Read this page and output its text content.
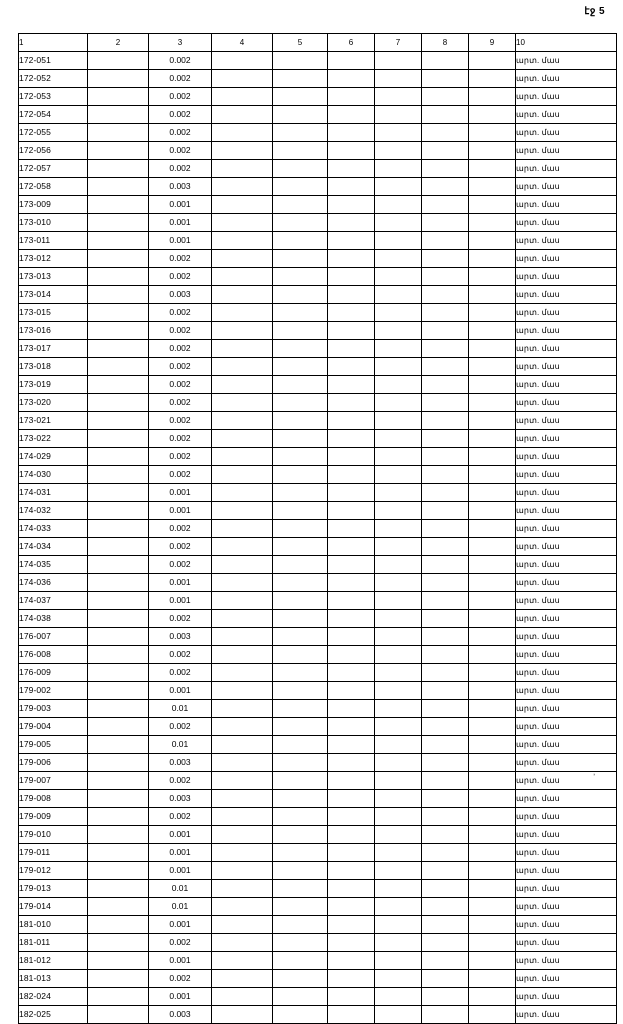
էջ 5
1	2	3	4	5	6	7	8	9	10
172-051		0.002							արտ. մաս
172-052		0.002							արտ. մաս
172-053		0.002							արտ. մաս
172-054		0.002							արտ. մաս
172-055		0.002							արտ. մաս
172-056		0.002							արտ. մաս
172-057		0.002							արտ. մաս
172-058		0.003							արտ. մաս
173-009		0.001							արտ. մաս
173-010		0.001							արտ. մաս
173-011		0.001							արտ. մաս
173-012		0.002							արտ. մաս
173-013		0.002							արտ. մաս
173-014		0.003							արտ. մաս
173-015		0.002							արտ. մաս
173-016		0.002							արտ. մաս
173-017		0.002							արտ. մաս
173-018		0.002							արտ. մաս
173-019		0.002							արտ. մաս
173-020		0.002							արտ. մաս
173-021		0.002							արտ. մաս
173-022		0.002							արտ. մաս
174-029		0.002							արտ. մաս
174-030		0.002							արտ. մաս
174-031		0.001							արտ. մաս
174-032		0.001							արտ. մաս
174-033		0.002							արտ. մաս
174-034		0.002							արտ. մաս
174-035		0.002							արտ. մաս
174-036		0.001							արտ. մաս
174-037		0.001							արտ. մաս
174-038		0.002							արտ. մաս
176-007		0.003							արտ. մաս
176-008		0.002							արտ. մաս
176-009		0.002							արտ. մաս
179-002		0.001							արտ. մաս
179-003		0.01							արտ. մաս
179-004		0.002							արտ. մաս
179-005		0.01							արտ. մաս
179-006		0.003							արտ. մաս
179-007		0.002							արտ. մաս
179-008		0.003							արտ. մաս
179-009		0.002							արտ. մաս
179-010		0.001							արտ. մաս
179-011		0.001							արտ. մաս
179-012		0.001							արտ. մաս
179-013		0.01							արտ. մաս
179-014		0.01							արտ. մաս
181-010		0.001							արտ. մաս
181-011		0.002							արտ. մաս
181-012		0.001							արտ. մաս
181-013		0.002							արտ. մաս
182-024		0.001							արտ. մաս
182-025		0.003							արտ. մաս
ʼ
